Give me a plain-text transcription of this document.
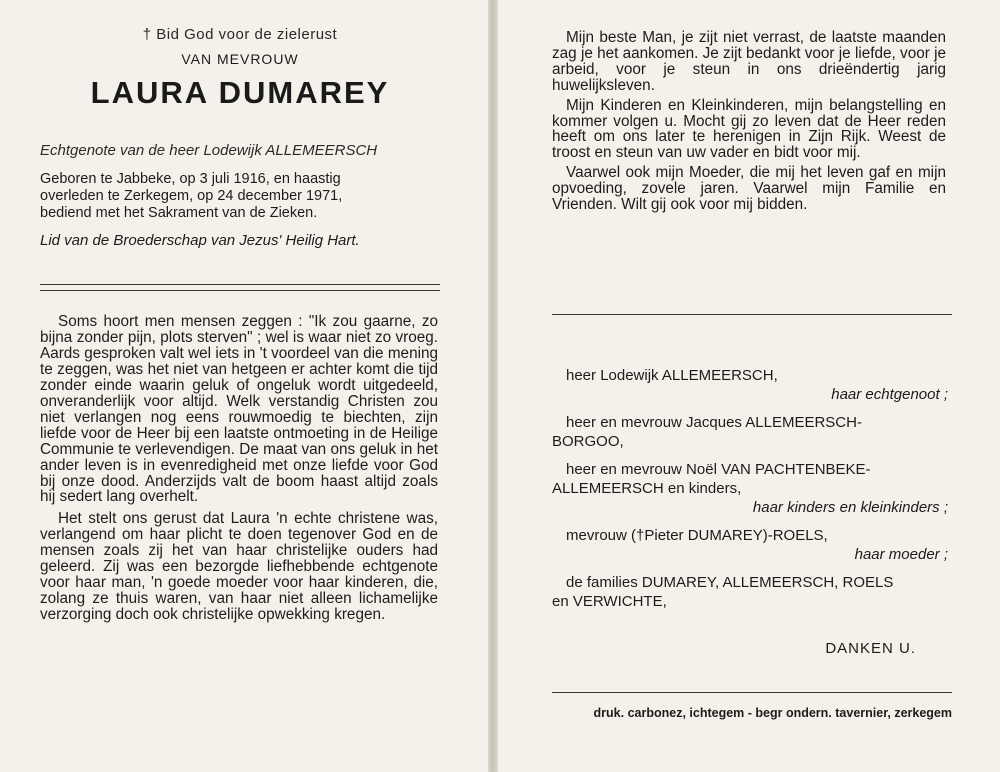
† Bid God voor de zielerust
VAN MEVROUW
LAURA DUMAREY
Echtgenote van de heer Lodewijk ALLEMEERSCH
Geboren te Jabbeke, op 3 juli 1916, en haastig
overleden te Zerkegem, op 24 december 1971,
bediend met het Sakrament van de Zieken.
Lid van de Broederschap van Jezus' Heilig Hart.

Soms hoort men mensen zeggen : "Ik zou gaarne, zo bijna zonder pijn, plots sterven" ; wel is waar niet zo vroeg. Aards gesproken valt wel iets in 't voordeel van die mening te zeggen, was het niet van hetgeen er achter komt die tijd zonder einde waarin geluk of ongeluk wordt uitgedeeld, onveranderlijk voor altijd. Welk verstandig Christen zou niet verlangen nog eens rouwmoedig te biechten, zijn liefde voor de Heer bij een laatste ontmoeting in de Heilige Communie te verlevendigen. De maat van ons geluk in het ander leven is in evenredigheid met onze liefde voor God bij onze dood. Anderzijds valt de boom haast altijd zoals hij sedert lang overhelt.

Het stelt ons gerust dat Laura 'n echte christene was, verlangend om haar plicht te doen tegenover God en de mensen zoals zij het van haar christelijke ouders had geleerd. Zij was een bezorgde liefhebbende echtgenote voor haar man, 'n goede moeder voor haar kinderen, die, zolang ze thuis waren, van haar niet alleen lichamelijke verzorging doch ook christelijke opwekking kregen.

Mijn beste Man, je zijt niet verrast, de laatste maanden zag je het aankomen. Je zijt bedankt voor je liefde, voor je arbeid, voor je steun in ons drieëndertig jarig huwelijksleven.

Mijn Kinderen en Kleinkinderen, mijn belangstelling en kommer volgen u. Mocht gij zo leven dat de Heer reden heeft om ons later te herenigen in Zijn Rijk. Weest de troost en steun van uw vader en bidt voor mij.

Vaarwel ook mijn Moeder, die mij het leven gaf en mijn opvoeding, zovele jaren. Vaarwel mijn Familie en Vrienden. Wilt gij ook voor mij bidden.

heer Lodewijk ALLEMEERSCH,
haar echtgenoot ;
heer en mevrouw Jacques ALLEMEERSCH-
BORGOO,
heer en mevrouw Noël VAN PACHTENBEKE-
ALLEMEERSCH en kinders,
haar kinders en kleinkinders ;
mevrouw (†Pieter DUMAREY)-ROELS,
haar moeder ;
de families DUMAREY, ALLEMEERSCH, ROELS
en VERWICHTE,
DANKEN U.
druk. carbonez, ichtegem - begr ondern. tavernier, zerkegem
